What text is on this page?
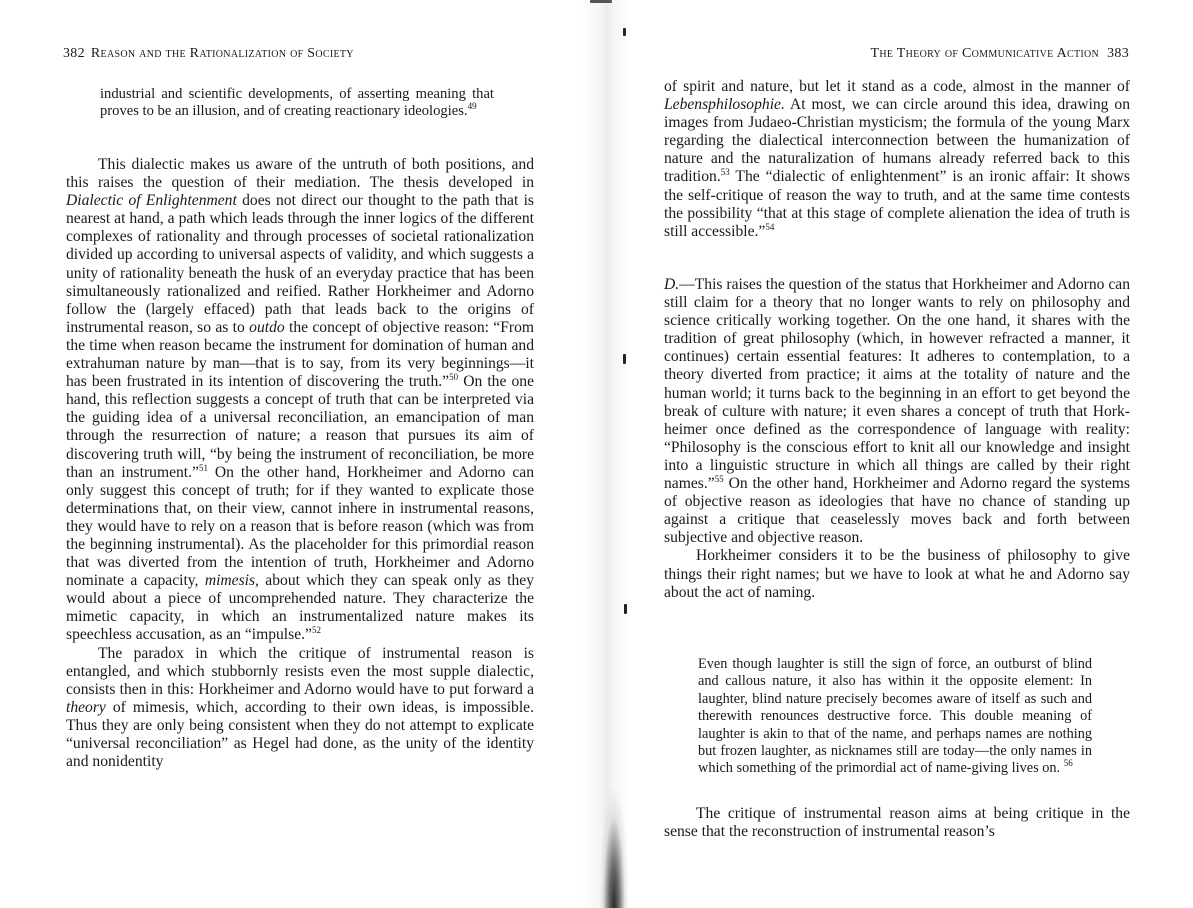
382 Reason and the Rationalization of Society

industrial and scientific developments, of asserting meaning that proves to be an illusion, and of creating reactionary ideologies.$^{49}$

This dialectic makes us aware of the untruth of both positions, and this raises the question of their mediation. The thesis developed in Dialectic of Enlightenment does not direct our thought to the path that is nearest at hand, a path which leads through the inner logics of the different complexes of rationality and through processes of societal rationalization divided up according to universal aspects of validity, and which suggests a unity of rationality beneath the husk of an everyday practice that has been simultaneously rationalized and reified. Rather Horkheimer and Adorno follow the (largely effaced) path that leads back to the origins of instrumental reason, so as to outdo the concept of objective reason: “From the time when reason became the instrument for domination of human and extrahuman nature by man—that is to say, from its very beginnings—it has been frustrated in its intention of discovering the truth.”$^{50}$ On the one hand, this reflection suggests a concept of truth that can be interpreted via the guiding idea of a universal reconciliation, an emancipation of man through the resurrection of nature; a reason that pursues its aim of discovering truth will, “by being the instrument of reconciliation, be more than an instrument.”$^{51}$ On the other hand, Horkheimer and Adorno can only suggest this concept of truth; for if they wanted to explicate those determinations that, on their view, cannot inhere in instrumental reasons, they would have to rely on a reason that is before reason (which was from the beginning instrumental). As the placeholder for this primordial reason that was diverted from the intention of truth, Horkheimer and Adorno nominate a capacity, mimesis, about which they can speak only as they would about a piece of uncomprehended nature. They characterize the mimetic capacity, in which an instrumentalized nature makes its speechless accusation, as an “impulse.”$^{52}$

The paradox in which the critique of instrumental reason is entangled, and which stubbornly resists even the most supple dialectic, consists then in this: Horkheimer and Adorno would have to put forward a theory of mimesis, which, according to their own ideas, is impossible. Thus they are only being consistent when they do not attempt to explicate “universal reconciliation” as Hegel had done, as the unity of the identity and nonidentity

The Theory of Communicative Action 383

of spirit and nature, but let it stand as a code, almost in the manner of Lebensphilosophie. At most, we can circle around this idea, drawing on images from Judaeo-Christian mysticism; the formula of the young Marx regarding the dialectical interconnection between the humanization of nature and the naturalization of humans already referred back to this tradition.$^{53}$ The “dialectic of enlightenment” is an ironic affair: It shows the self-critique of reason the way to truth, and at the same time contests the possibility “that at this stage of complete alienation the idea of truth is still accessible.”$^{54}$

D.—This raises the question of the status that Horkheimer and Adorno can still claim for a theory that no longer wants to rely on philosophy and science critically working together. On the one hand, it shares with the tradition of great philosophy (which, in however refracted a manner, it continues) certain essential features: It adheres to contemplation, to a theory diverted from practice; it aims at the totality of nature and the human world; it turns back to the beginning in an effort to get beyond the break of culture with nature; it even shares a concept of truth that Horkheimer once defined as the correspondence of language with reality: “Philosophy is the conscious effort to knit all our knowledge and insight into a linguistic structure in which all things are called by their right names.”$^{55}$ On the other hand, Horkheimer and Adorno regard the systems of objective reason as ideologies that have no chance of standing up against a critique that ceaselessly moves back and forth between subjective and objective reason.

Horkheimer considers it to be the business of philosophy to give things their right names; but we have to look at what he and Adorno say about the act of naming.

Even though laughter is still the sign of force, an outburst of blind and callous nature, it also has within it the opposite element: In laughter, blind nature precisely becomes aware of itself as such and therewith renounces destructive force. This double meaning of laughter is akin to that of the name, and perhaps names are nothing but frozen laughter, as nicknames still are today—the only names in which something of the primordial act of name-giving lives on. $^{56}$

The critique of instrumental reason aims at being critique in the sense that the reconstruction of instrumental reason’s
